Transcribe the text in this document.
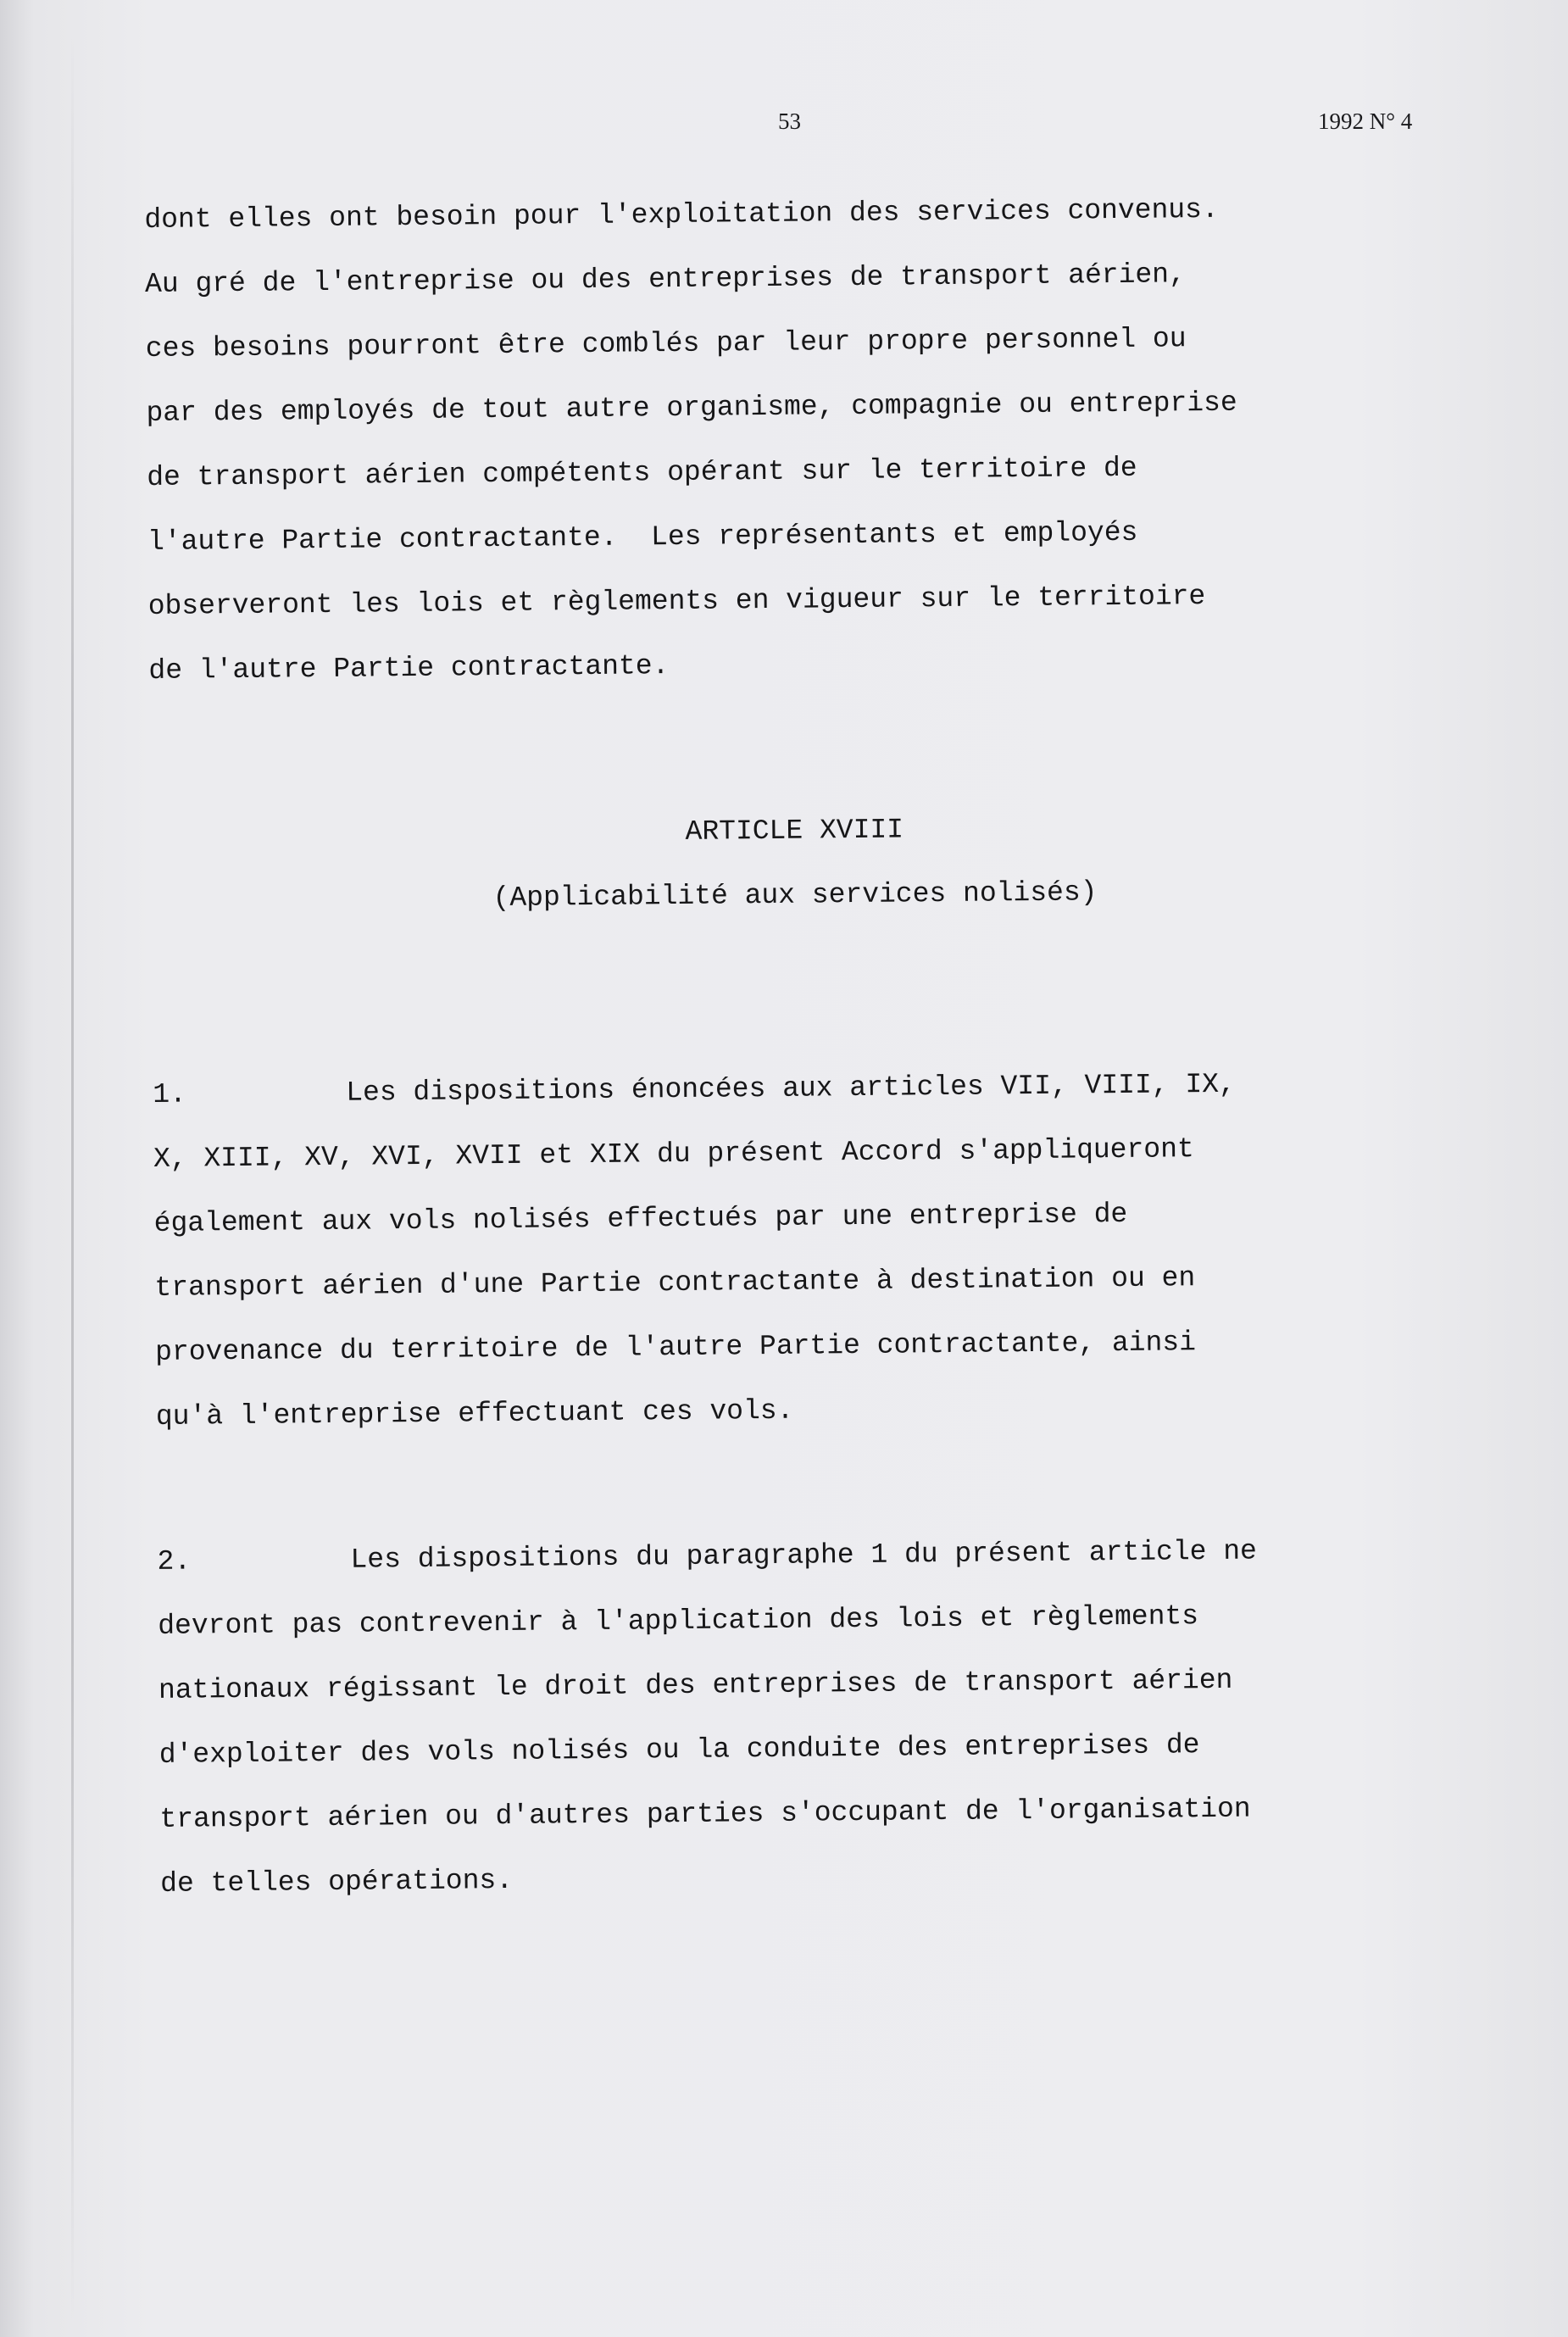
53	1992 N° 4
dont elles ont besoin pour l'exploitation des services convenus.
Au gré de l'entreprise ou des entreprises de transport aérien,
ces besoins pourront être comblés par leur propre personnel ou
par des employés de tout autre organisme, compagnie ou entreprise
de transport aérien compétents opérant sur le territoire de
l'autre Partie contractante.  Les représentants et employés
observeront les lois et règlements en vigueur sur le territoire
de l'autre Partie contractante.
ARTICLE XVIII
(Applicabilité aux services nolisés)
1.	Les dispositions énoncées aux articles VII, VIII, IX,
X, XIII, XV, XVI, XVII et XIX du présent Accord s'appliqueront
également aux vols nolisés effectués par une entreprise de
transport aérien d'une Partie contractante à destination ou en
provenance du territoire de l'autre Partie contractante, ainsi
qu'à l'entreprise effectuant ces vols.
2.	Les dispositions du paragraphe 1 du présent article ne
devront pas contrevenir à l'application des lois et règlements
nationaux régissant le droit des entreprises de transport aérien
d'exploiter des vols nolisés ou la conduite des entreprises de
transport aérien ou d'autres parties s'occupant de l'organisation
de telles opérations.
